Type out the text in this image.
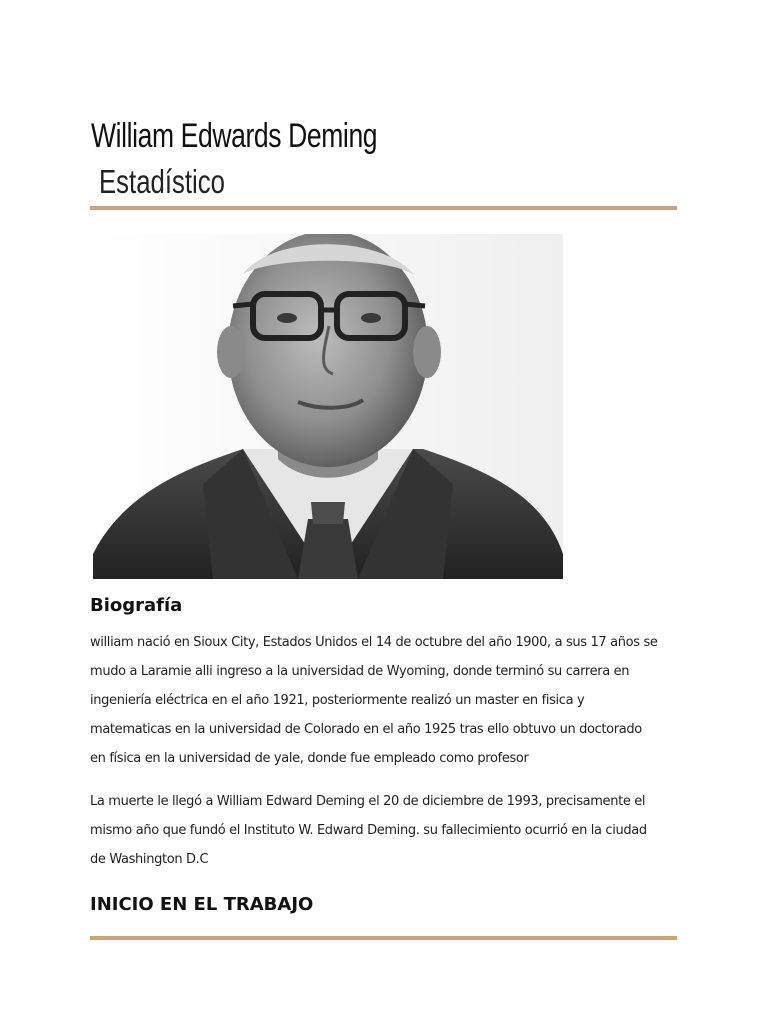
William Edwards Deming
Estadístico
Biografía

william nació en Sioux City, Estados Unidos el 14 de octubre del año 1900, a sus 17 años se
mudo a Laramie alli ingreso a la universidad de Wyoming, donde terminó su carrera en
ingeniería eléctrica en el año 1921, posteriormente realizó un master en fisica y
matematicas en la universidad de Colorado en el año 1925 tras ello obtuvo un doctorado
en física en la universidad de yale, donde fue empleado como profesor

La muerte le llegó a William Edward Deming el 20 de diciembre de 1993, precisamente el
mismo año que fundó el Instituto W. Edward Deming. su fallecimiento ocurrió en la ciudad
de Washington D.C

INICIO EN EL TRABAJO
